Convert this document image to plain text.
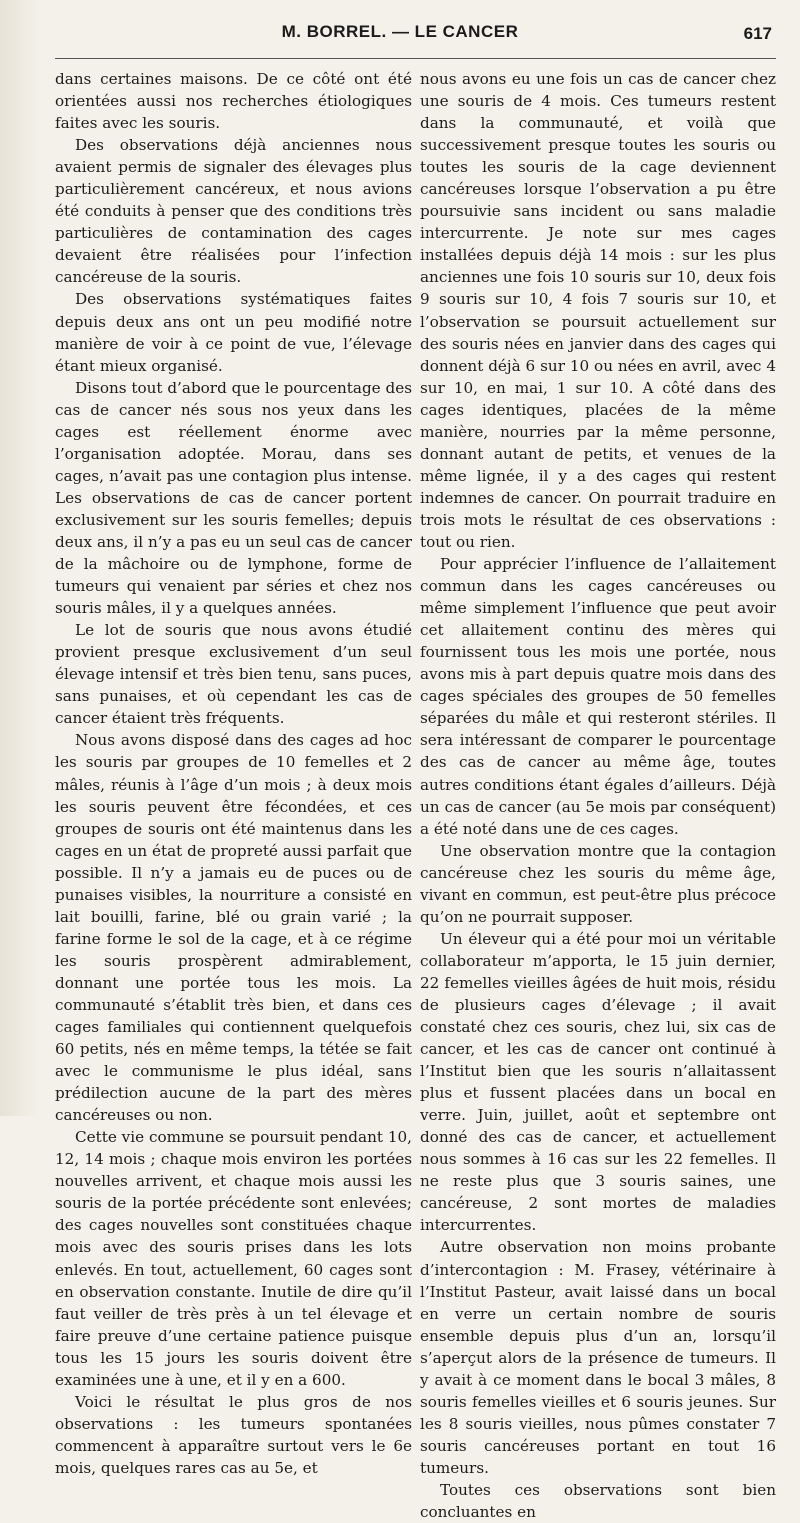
M. BORREL. — LE CANCER	617

dans certaines maisons. De ce côté ont été orientées aussi nos recherches étiologiques faites avec les souris.

Des observations déjà anciennes nous avaient permis de signaler des élevages plus particulièrement cancéreux, et nous avions été conduits à penser que des conditions très particulières de contamination des cages devaient être réalisées pour l’infection cancéreuse de la souris.

Des observations systématiques faites depuis deux ans ont un peu modifié notre manière de voir à ce point de vue, l’élevage étant mieux organisé.

Disons tout d’abord que le pourcentage des cas de cancer nés sous nos yeux dans les cages est réellement énorme avec l’organisation adoptée. Morau, dans ses cages, n’avait pas une contagion plus intense. Les observations de cas de cancer portent exclusivement sur les souris femelles; depuis deux ans, il n’y a pas eu un seul cas de cancer de la mâchoire ou de lymphone, forme de tumeurs qui venaient par séries et chez nos souris mâles, il y a quelques années.

Le lot de souris que nous avons étudié provient presque exclusivement d’un seul élevage intensif et très bien tenu, sans puces, sans punaises, et où cependant les cas de cancer étaient très fréquents.

Nous avons disposé dans des cages ad hoc les souris par groupes de 10 femelles et 2 mâles, réunis à l’âge d’un mois ; à deux mois les souris peuvent être fécondées, et ces groupes de souris ont été maintenus dans les cages en un état de propreté aussi parfait que possible. Il n’y a jamais eu de puces ou de punaises visibles, la nourriture a consisté en lait bouilli, farine, blé ou grain varié ; la farine forme le sol de la cage, et à ce régime les souris prospèrent admirablement, donnant une portée tous les mois. La communauté s’établit très bien, et dans ces cages familiales qui contiennent quelquefois 60 petits, nés en même temps, la tétée se fait avec le communisme le plus idéal, sans prédilection aucune de la part des mères cancéreuses ou non.

Cette vie commune se poursuit pendant 10, 12, 14 mois ; chaque mois environ les portées nouvelles arrivent, et chaque mois aussi les souris de la portée précédente sont enlevées; des cages nouvelles sont constituées chaque mois avec des souris prises dans les lots enlevés. En tout, actuellement, 60 cages sont en observation constante. Inutile de dire qu’il faut veiller de très près à un tel élevage et faire preuve d’une certaine patience puisque tous les 15 jours les souris doivent être examinées une à une, et il y en a 600.

Voici le résultat le plus gros de nos observations : les tumeurs spontanées commencent à apparaître surtout vers le 6e mois, quelques rares cas au 5e, et

nous avons eu une fois un cas de cancer chez une souris de 4 mois. Ces tumeurs restent dans la communauté, et voilà que successivement presque toutes les souris ou toutes les souris de la cage deviennent cancéreuses lorsque l’observation a pu être poursuivie sans incident ou sans maladie intercurrente. Je note sur mes cages installées depuis déjà 14 mois : sur les plus anciennes une fois 10 souris sur 10, deux fois 9 souris sur 10, 4 fois 7 souris sur 10, et l’observation se poursuit actuellement sur des souris nées en janvier dans des cages qui donnent déjà 6 sur 10 ou nées en avril, avec 4 sur 10, en mai, 1 sur 10. A côté dans des cages identiques, placées de la même manière, nourries par la même personne, donnant autant de petits, et venues de la même lignée, il y a des cages qui restent indemnes de cancer. On pourrait traduire en trois mots le résultat de ces observations : tout ou rien.

Pour apprécier l’influence de l’allaitement commun dans les cages cancéreuses ou même simplement l’influence que peut avoir cet allaitement continu des mères qui fournissent tous les mois une portée, nous avons mis à part depuis quatre mois dans des cages spéciales des groupes de 50 femelles séparées du mâle et qui resteront stériles. Il sera intéressant de comparer le pourcentage des cas de cancer au même âge, toutes autres conditions étant égales d’ailleurs. Déjà un cas de cancer (au 5e mois par conséquent) a été noté dans une de ces cages.

Une observation montre que la contagion cancéreuse chez les souris du même âge, vivant en commun, est peut-être plus précoce qu’on ne pourrait supposer.

Un éleveur qui a été pour moi un véritable collaborateur m’apporta, le 15 juin dernier, 22 femelles vieilles âgées de huit mois, résidu de plusieurs cages d’élevage ; il avait constaté chez ces souris, chez lui, six cas de cancer, et les cas de cancer ont continué à l’Institut bien que les souris n’allaitassent plus et fussent placées dans un bocal en verre. Juin, juillet, août et septembre ont donné des cas de cancer, et actuellement nous sommes à 16 cas sur les 22 femelles. Il ne reste plus que 3 souris saines, une cancéreuse, 2 sont mortes de maladies intercurrentes.

Autre observation non moins probante d’intercontagion : M. Frasey, vétérinaire à l’Institut Pasteur, avait laissé dans un bocal en verre un certain nombre de souris ensemble depuis plus d’un an, lorsqu’il s’aperçut alors de la présence de tumeurs. Il y avait à ce moment dans le bocal 3 mâles, 8 souris femelles vieilles et 6 souris jeunes. Sur les 8 souris vieilles, nous pûmes constater 7 souris cancéreuses portant en tout 16 tumeurs.

Toutes ces observations sont bien concluantes en
